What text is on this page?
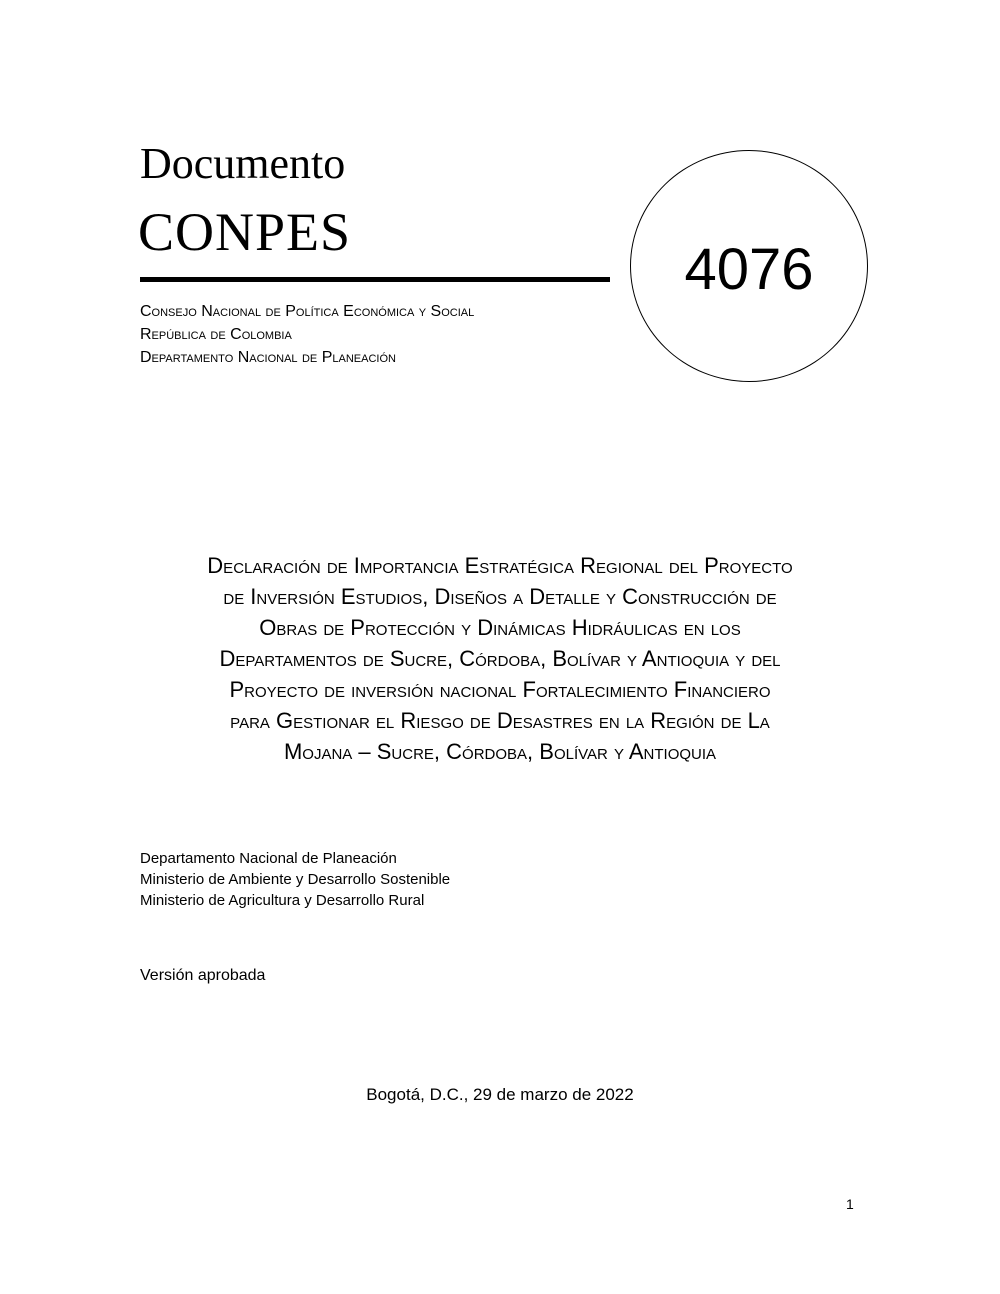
Documento
CONPES
4076
Consejo Nacional de Política Económica y Social
República de Colombia
Departamento Nacional de Planeación
Declaración de Importancia Estratégica Regional del Proyecto
de Inversión Estudios, Diseños a Detalle y Construcción de
Obras de Protección y Dinámicas Hidráulicas en los
Departamentos de Sucre, Córdoba, Bolívar y Antioquia y del
Proyecto de inversión nacional Fortalecimiento Financiero
para Gestionar el Riesgo de Desastres en la Región de La
Mojana – Sucre, Córdoba, Bolívar y Antioquia
Departamento Nacional de Planeación
Ministerio de Ambiente y Desarrollo Sostenible
Ministerio de Agricultura y Desarrollo Rural
Versión aprobada
Bogotá, D.C., 29 de marzo de 2022
1
